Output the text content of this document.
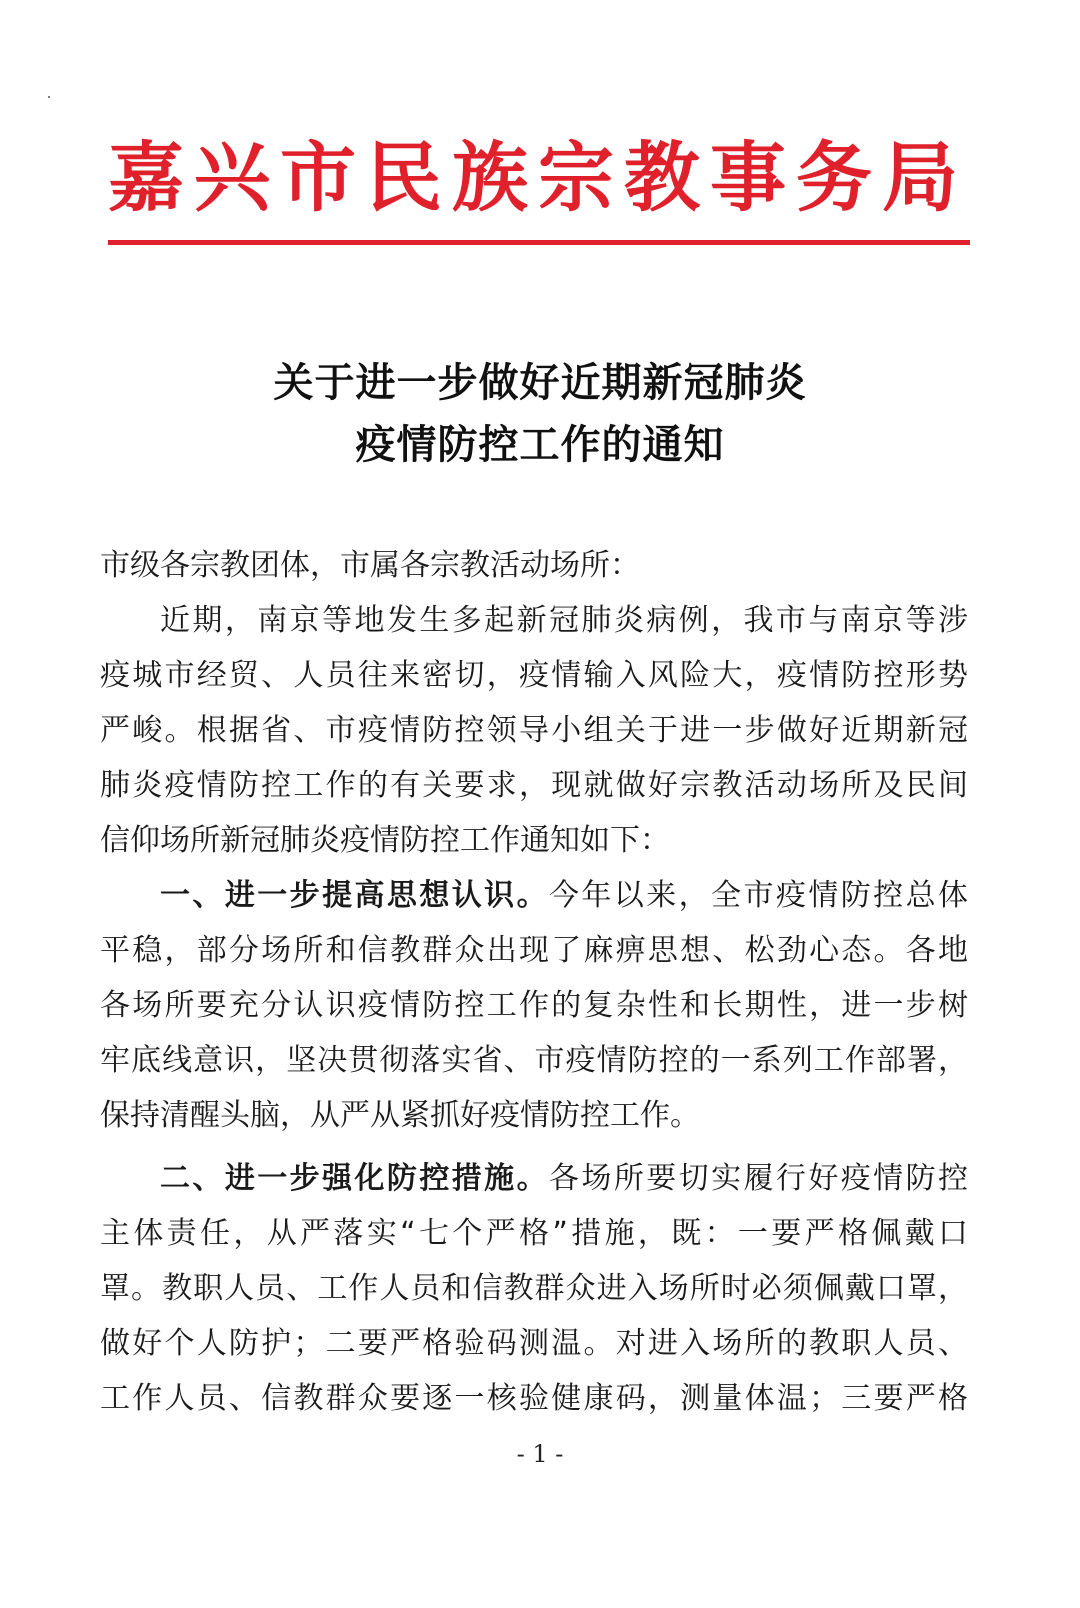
嘉兴市民族宗教事务局
关于进一步做好近期新冠肺炎
疫情防控工作的通知
市级各宗教团体，市属各宗教活动场所：
近期，南京等地发生多起新冠肺炎病例，我市与南京等涉
疫城市经贸、人员往来密切，疫情输入风险大，疫情防控形势
严峻。根据省、市疫情防控领导小组关于进一步做好近期新冠
肺炎疫情防控工作的有关要求，现就做好宗教活动场所及民间
信仰场所新冠肺炎疫情防控工作通知如下：
一、进一步提高思想认识。今年以来，全市疫情防控总体
平稳，部分场所和信教群众出现了麻痹思想、松劲心态。各地
各场所要充分认识疫情防控工作的复杂性和长期性，进一步树
牢底线意识，坚决贯彻落实省、市疫情防控的一系列工作部署，
保持清醒头脑，从严从紧抓好疫情防控工作。
二、进一步强化防控措施。各场所要切实履行好疫情防控
主体责任，从严落实“七个严格”措施，既：一要严格佩戴口
罩。教职人员、工作人员和信教群众进入场所时必须佩戴口罩，
做好个人防护；二要严格验码测温。对进入场所的教职人员、
工作人员、信教群众要逐一核验健康码，测量体温；三要严格
- 1 -
